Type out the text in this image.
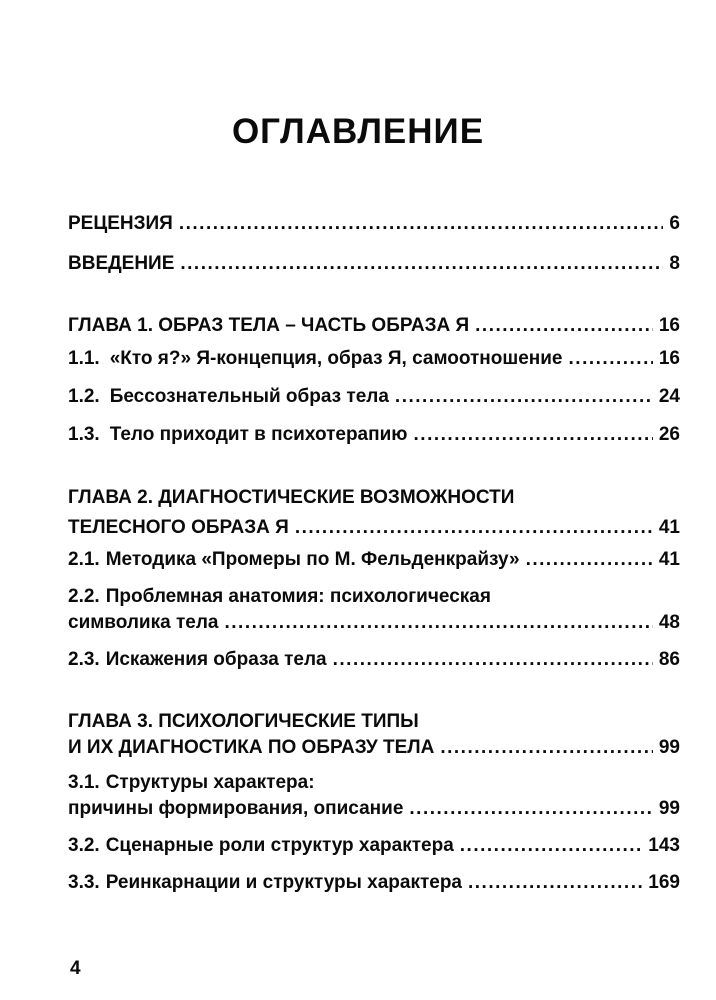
ОГЛАВЛЕНИЕ
РЕЦЕНЗИЯ .....	6
ВВЕДЕНИЕ .....	8
ГЛАВА 1. ОБРАЗ ТЕЛА – ЧАСТЬ ОБРАЗА Я .....	16
1.1. «Кто я?» Я-концепция, образ Я, самоотношение .....	16
1.2. Бессознательный образ тела .....	24
1.3. Тело приходит в психотерапию .....	26
ГЛАВА 2. ДИАГНОСТИЧЕСКИЕ ВОЗМОЖНОСТИ
ТЕЛЕСНОГО ОБРАЗА Я .....	41
2.1. Методика «Промеры по М. Фельденкрайзу» .....	41
2.2. Проблемная анатомия: психологическая
символика тела .....	48
2.3. Искажения образа тела .....	86
ГЛАВА 3. ПСИХОЛОГИЧЕСКИЕ ТИПЫ
И ИХ ДИАГНОСТИКА ПО ОБРАЗУ ТЕЛА .....	99
3.1. Структуры характера:
причины формирования, описание .....	99
3.2. Сценарные роли структур характера .....	143
3.3. Реинкарнации и структуры характера .....	169
4
